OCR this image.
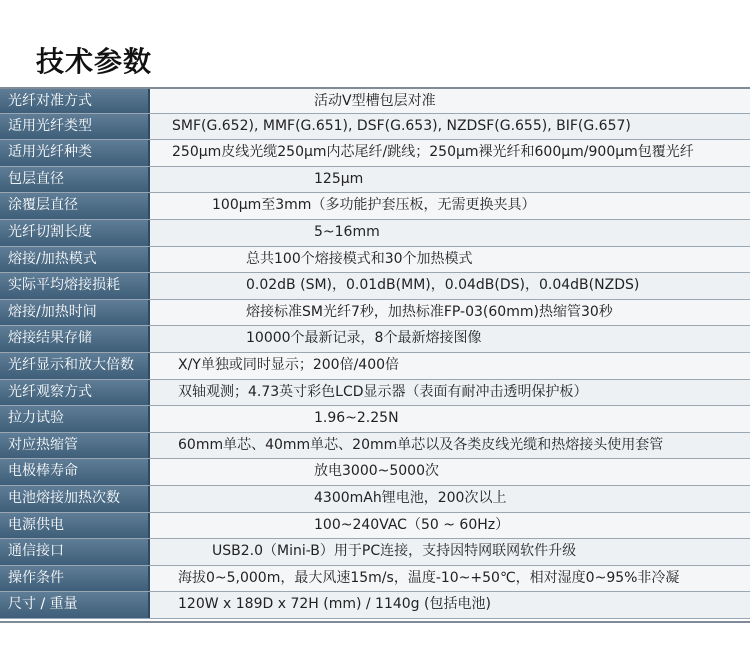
技术参数
光纤对准方式	活动V型槽包层对准
适用光纤类型	SMF(G.652), MMF(G.651), DSF(G.653), NZDSF(G.655), BIF(G.657)
适用光纤种类	250μm皮线光缆250μm内芯尾纤/跳线；250μm裸光纤和600μm/900μm包覆光纤
包层直径	125μm
涂覆层直径	100μm至3mm（多功能护套压板，无需更换夹具）
光纤切割长度	5~16mm
熔接/加热模式	总共100个熔接模式和30个加热模式
实际平均熔接损耗	0.02dB (SM)，0.01dB(MM)，0.04dB(DS)，0.04dB(NZDS)
熔接/加热时间	熔接标准SM光纤7秒，加热标准FP-03(60mm)热缩管30秒
熔接结果存储	10000个最新记录，8个最新熔接图像
光纤显示和放大倍数	X/Y单独或同时显示；200倍/400倍
光纤观察方式	双轴观测；4.73英寸彩色LCD显示器（表面有耐冲击透明保护板）
拉力试验	1.96~2.25N
对应热缩管	60mm单芯、40mm单芯、20mm单芯以及各类皮线光缆和热熔接头使用套管
电极棒寿命	放电3000~5000次
电池熔接加热次数	4300mAh锂电池，200次以上
电源供电	100~240VAC（50 ~ 60Hz）
通信接口	USB2.0（Mini-B）用于PC连接，支持因特网联网软件升级
操作条件	海拔0~5,000m，最大风速15m/s，温度-10~+50℃，相对湿度0~95%非冷凝
尺寸 / 重量	120W x 189D x 72H (mm) / 1140g (包括电池)
